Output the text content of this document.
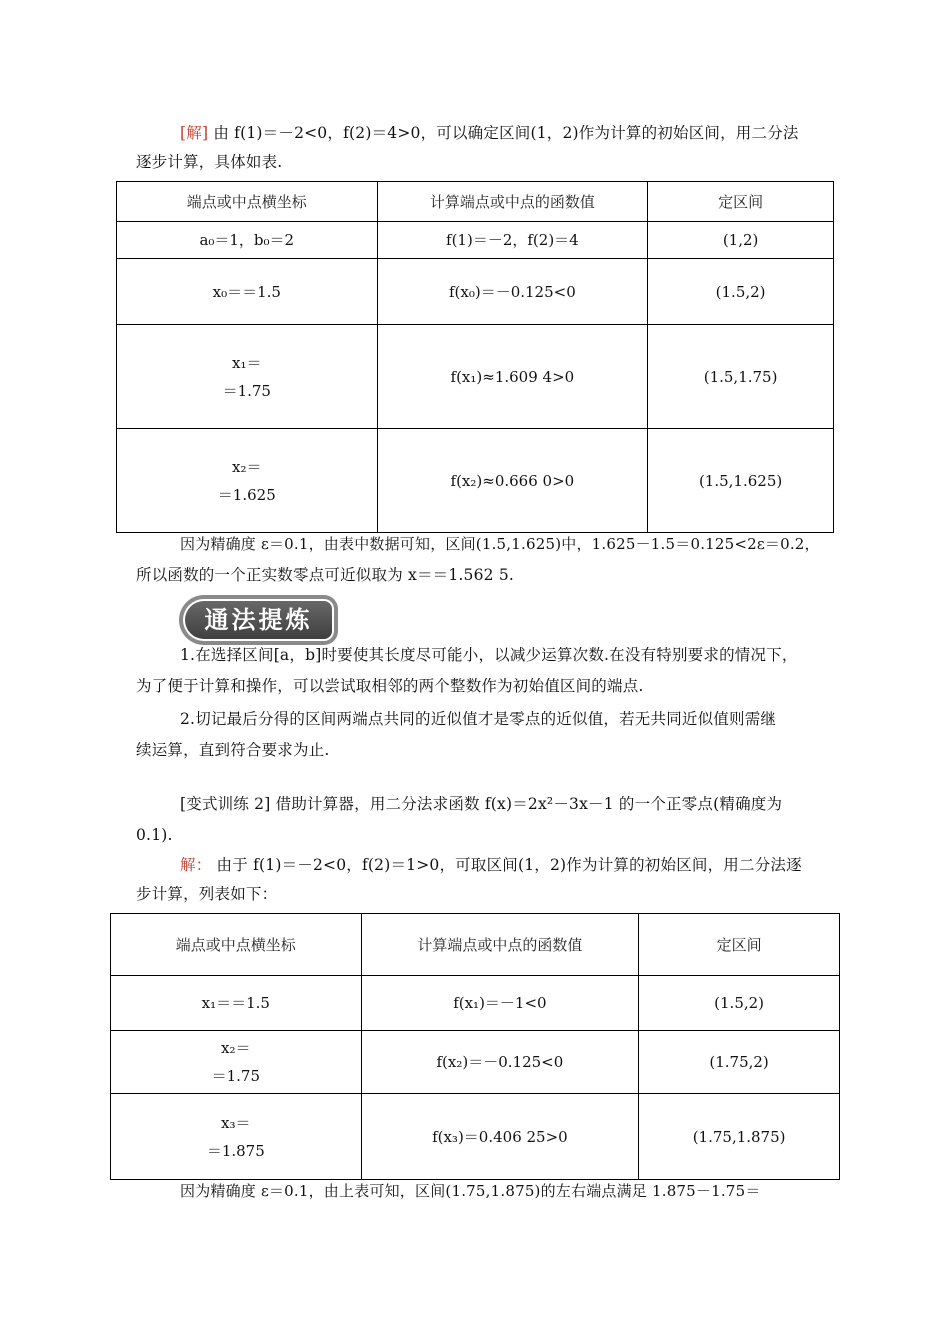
[解] 由 f(1)＝－2<0，f(2)＝4>0，可以确定区间(1，2)作为计算的初始区间，用二分法
逐步计算，具体如表.
端点或中点横坐标	计算端点或中点的函数值	定区间
a₀＝1，b₀＝2	f(1)＝－2，f(2)＝4	(1,2)
x₀＝＝1.5	f(x₀)＝－0.125<0	(1.5,2)

x₁＝
＝1.75	f(x₁)≈1.609 4>0	(1.5,1.75)

x₂＝
＝1.625	f(x₂)≈0.666 0>0	(1.5,1.625)
因为精确度 ε＝0.1，由表中数据可知，区间(1.5,1.625)中，1.625－1.5＝0.125<2ε＝0.2，
所以函数的一个正实数零点可近似取为 x＝＝1.562 5.
通法提炼
1.在选择区间[a，b]时要使其长度尽可能小，以减少运算次数.在没有特别要求的情况下，
为了便于计算和操作，可以尝试取相邻的两个整数作为初始值区间的端点.
2.切记最后分得的区间两端点共同的近似值才是零点的近似值，若无共同近似值则需继
续运算，直到符合要求为止.
[变式训练 2] 借助计算器，用二分法求函数 f(x)＝2x²－3x－1 的一个正零点(精确度为
0.1).
解： 由于 f(1)＝－2<0，f(2)＝1>0，可取区间(1，2)作为计算的初始区间，用二分法逐
步计算，列表如下：
端点或中点横坐标	计算端点或中点的函数值	定区间
x₁＝＝1.5	f(x₁)＝－1<0	(1.5,2)

x₂＝
＝1.75	f(x₂)＝－0.125<0	(1.75,2)

x₃＝
＝1.875	f(x₃)＝0.406 25>0	(1.75,1.875)
因为精确度 ε＝0.1，由上表可知，区间(1.75,1.875)的左右端点满足 1.875－1.75＝
